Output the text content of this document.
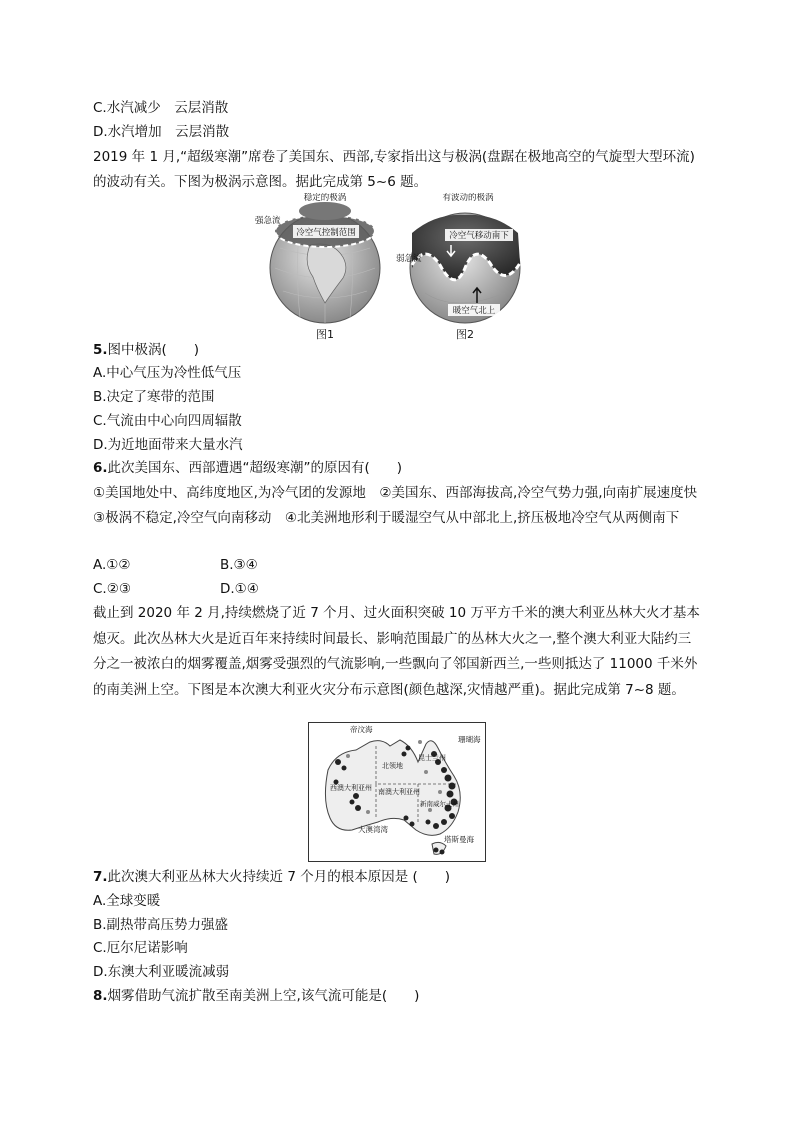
C.水汽减少　云层消散
D.水汽增加　云层消散
2019 年 1 月,“超级寒潮”席卷了美国东、西部,专家指出这与极涡(盘踞在极地高空的气旋型大型环流)的波动有关。下图为极涡示意图。据此完成第 5~6 题。
冷空气控制范围
稳定的极涡
强急流
图1
冷空气移动南下
暖空气北上
有波动的极涡
弱急流
图2
5.图中极涡(　　)
A.中心气压为冷性低气压
B.决定了寒带的范围
C.气流由中心向四周辐散
D.为近地面带来大量水汽
6.此次美国东、西部遭遇“超级寒潮”的原因有(　　)
①美国地处中、高纬度地区,为冷气团的发源地　②美国东、西部海拔高,冷空气势力强,向南扩展速度快　③极涡不稳定,冷空气向南移动　④北美洲地形利于暖湿空气从中部北上,挤压极地冷空气从两侧南下
A.①②	B.③④
C.②③	D.①④
截止到 2020 年 2 月,持续燃烧了近 7 个月、过火面积突破 10 万平方千米的澳大利亚丛林大火才基本熄灭。此次丛林大火是近百年来持续时间最长、影响范围最广的丛林大火之一,整个澳大利亚大陆约三分之一被浓白的烟雾覆盖,烟雾受强烈的气流影响,一些飘向了邻国新西兰,一些则抵达了 11000 千米外的南美洲上空。下图是本次澳大利亚火灾分布示意图(颜色越深,灾情越严重)。据此完成第 7~8 题。
帝汶海
珊瑚海
北领地
昆士兰州
西澳大利亚州 南澳大利亚州
新南威尔士州
大澳湾湾
塔斯曼海
7.此次澳大利亚丛林大火持续近 7 个月的根本原因是 (　　)
A.全球变暖
B.副热带高压势力强盛
C.厄尔尼诺影响
D.东澳大利亚暖流减弱
8.烟雾借助气流扩散至南美洲上空,该气流可能是(　　)
